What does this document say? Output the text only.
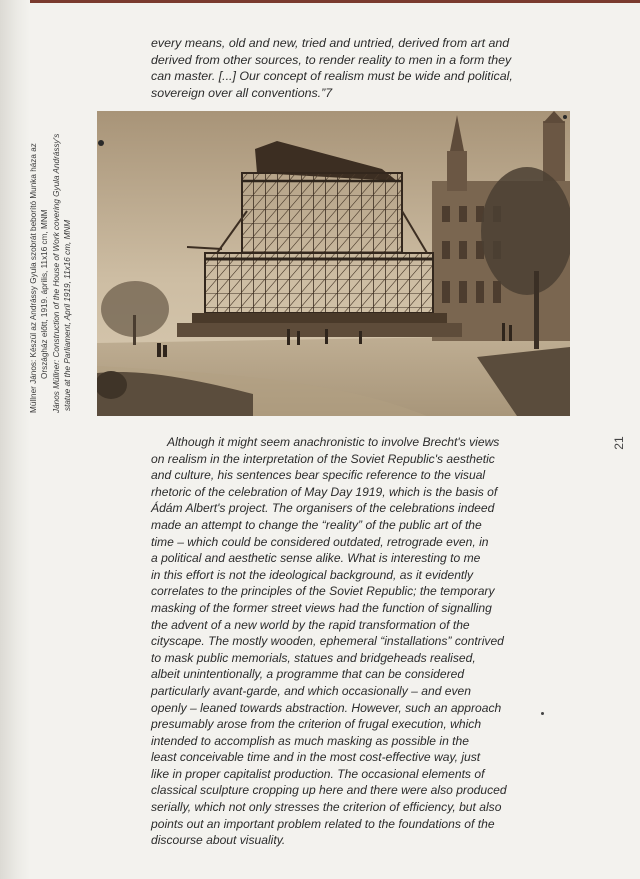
every means, old and new, tried and untried, derived from art and
derived from other sources, to render reality to men in a form they
can master. [...] Our concept of realism must be wide and political,
sovereign over all conventions.”7

Müllner János: Készül az Andrássy Gyula szobrát beborító Munka háza az Országház előtt, 1919. április, 11x16 cm, MNM János Müllner: Construction of the House of Work covering Gyula Andrássy's statue at the Parliament, April 1919, 11x16 cm, MNM
21
Although it might seem anachronistic to involve Brecht's views
on realism in the interpretation of the Soviet Republic's aesthetic
and culture, his sentences bear specific reference to the visual
rhetoric of the celebration of May Day 1919, which is the basis of
Ádám Albert's project. The organisers of the celebrations indeed
made an attempt to change the “reality” of the public art of the
time – which could be considered outdated, retrograde even, in
a political and aesthetic sense alike. What is interesting to me
in this effort is not the ideological background, as it evidently
correlates to the principles of the Soviet Republic; the temporary
masking of the former street views had the function of signalling
the advent of a new world by the rapid transformation of the
cityscape. The mostly wooden, ephemeral “installations” contrived
to mask public memorials, statues and bridgeheads realised,
albeit unintentionally, a programme that can be considered
particularly avant-garde, and which occasionally – and even
openly – leaned towards abstraction. However, such an approach
presumably arose from the criterion of frugal execution, which
intended to accomplish as much masking as possible in the
least conceivable time and in the most cost-effective way, just
like in proper capitalist production. The occasional elements of
classical sculpture cropping up here and there were also produced
serially, which not only stresses the criterion of efficiency, but also
points out an important problem related to the foundations of the
discourse about visuality.
